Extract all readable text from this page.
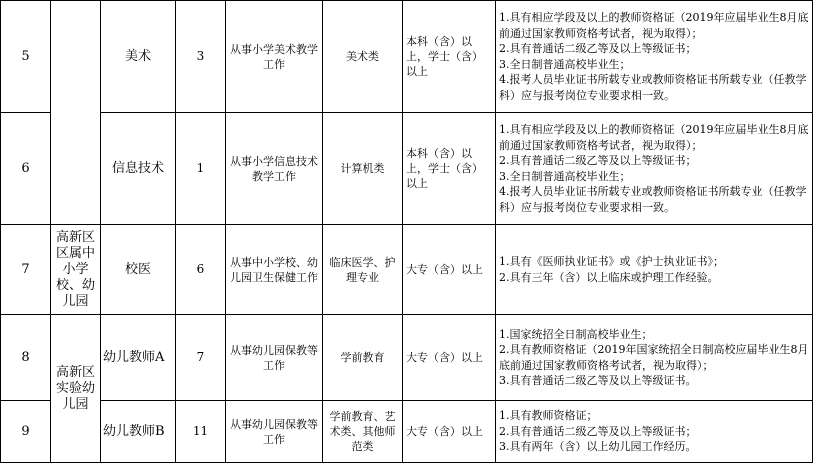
5		美术	3	从事小学美术教学工作	美术类	本科（含）以上，学士（含）以上	1.具有相应学段及以上的教师资格证（2019年应届毕业生8月底前通过国家教师资格考试者，视为取得）；
2.具有普通话二级乙等及以上等级证书；
3.全日制普通高校毕业生；
4.报考人员毕业证书所载专业或教师资格证书所载专业（任教学科）应与报考岗位专业要求相一致。

6		信息技术	1	从事小学信息技术教学工作	计算机类	本科（含）以上，学士（含）以上	1.具有相应学段及以上的教师资格证（2019年应届毕业生8月底前通过国家教师资格考试者，视为取得）；
2.具有普通话二级乙等及以上等级证书；
3.全日制普通高校毕业生；
4.报考人员毕业证书所载专业或教师资格证书所载专业（任教学科）应与报考岗位专业要求相一致。

7	高新区区属中小学校、幼儿园	校医	6	从事中小学校、幼儿园卫生保健工作	临床医学、护理专业	大专（含）以上	1.具有《医师执业证书》或《护士执业证书》；
2.具有三年（含）以上临床或护理工作经验。

8	高新区实验幼儿园	幼儿教师A	7	从事幼儿园保教等工作	学前教育	大专（含）以上	1.国家统招全日制高校毕业生；
2.具有教师资格证（2019年国家统招全日制高校应届毕业生8月底前通过国家教师资格考试者，视为取得）；
3.具有普通话二级乙等及以上等级证书。

9		幼儿教师B	11	从事幼儿园保教等工作	学前教育、艺术类、其他师范类	大专（含）以上	1.具有教师资格证；
2.具有普通话二级乙等及以上等级证书；
3.具有两年（含）以上幼儿园工作经历。
